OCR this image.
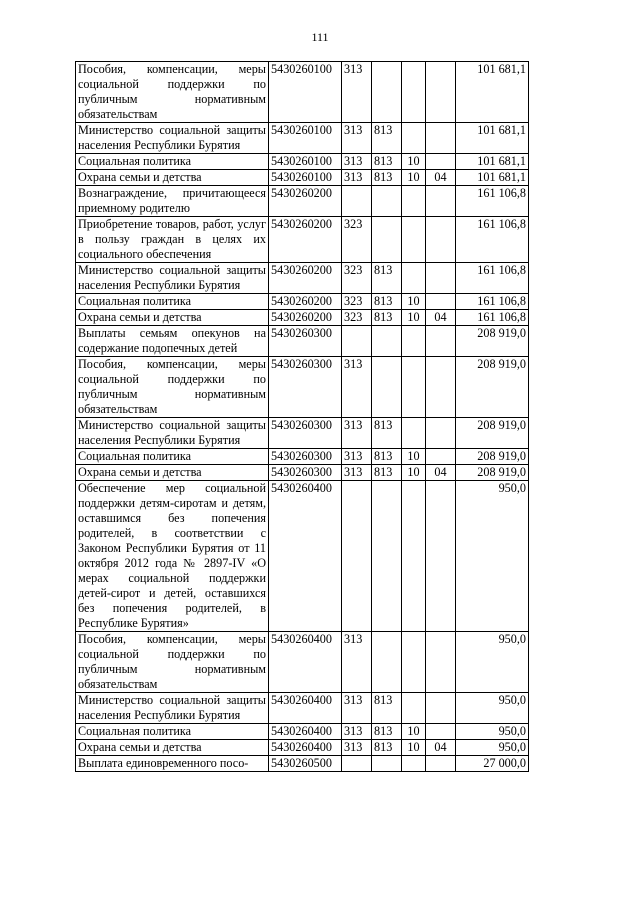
111
Пособия, компенсации, меры социальной поддержки по публичным нормативным обязательствам	5430260100	313				101 681,1
Министерство социальной защиты населения Республики Бурятия	5430260100	313	813			101 681,1
Социальная политика	5430260100	313	813	10		101 681,1
Охрана семьи и детства	5430260100	313	813	10	04	101 681,1
Вознаграждение, причитающееся приемному родителю	5430260200					161 106,8
Приобретение товаров, работ, услуг в пользу граждан в целях их социального обеспечения	5430260200	323				161 106,8
Министерство социальной защиты населения Республики Бурятия	5430260200	323	813			161 106,8
Социальная политика	5430260200	323	813	10		161 106,8
Охрана семьи и детства	5430260200	323	813	10	04	161 106,8
Выплаты семьям опекунов на содержание подопечных детей	5430260300					208 919,0
Пособия, компенсации, меры социальной поддержки по публичным нормативным обязательствам	5430260300	313				208 919,0
Министерство социальной защиты населения Республики Бурятия	5430260300	313	813			208 919,0
Социальная политика	5430260300	313	813	10		208 919,0
Охрана семьи и детства	5430260300	313	813	10	04	208 919,0
Обеспечение мер социальной поддержки детям-сиротам и детям, оставшимся без попечения родителей, в соответствии с Законом Республики Бурятия от 11 октября 2012 года № 2897-IV «О мерах социальной поддержки детей-сирот и детей, оставшихся без попечения родителей, в Республике Бурятия»	5430260400					950,0
Пособия, компенсации, меры социальной поддержки по публичным нормативным обязательствам	5430260400	313				950,0
Министерство социальной защиты населения Республики Бурятия	5430260400	313	813			950,0
Социальная политика	5430260400	313	813	10		950,0
Охрана семьи и детства	5430260400	313	813	10	04	950,0
Выплата единовременного посо-	5430260500					27 000,0
